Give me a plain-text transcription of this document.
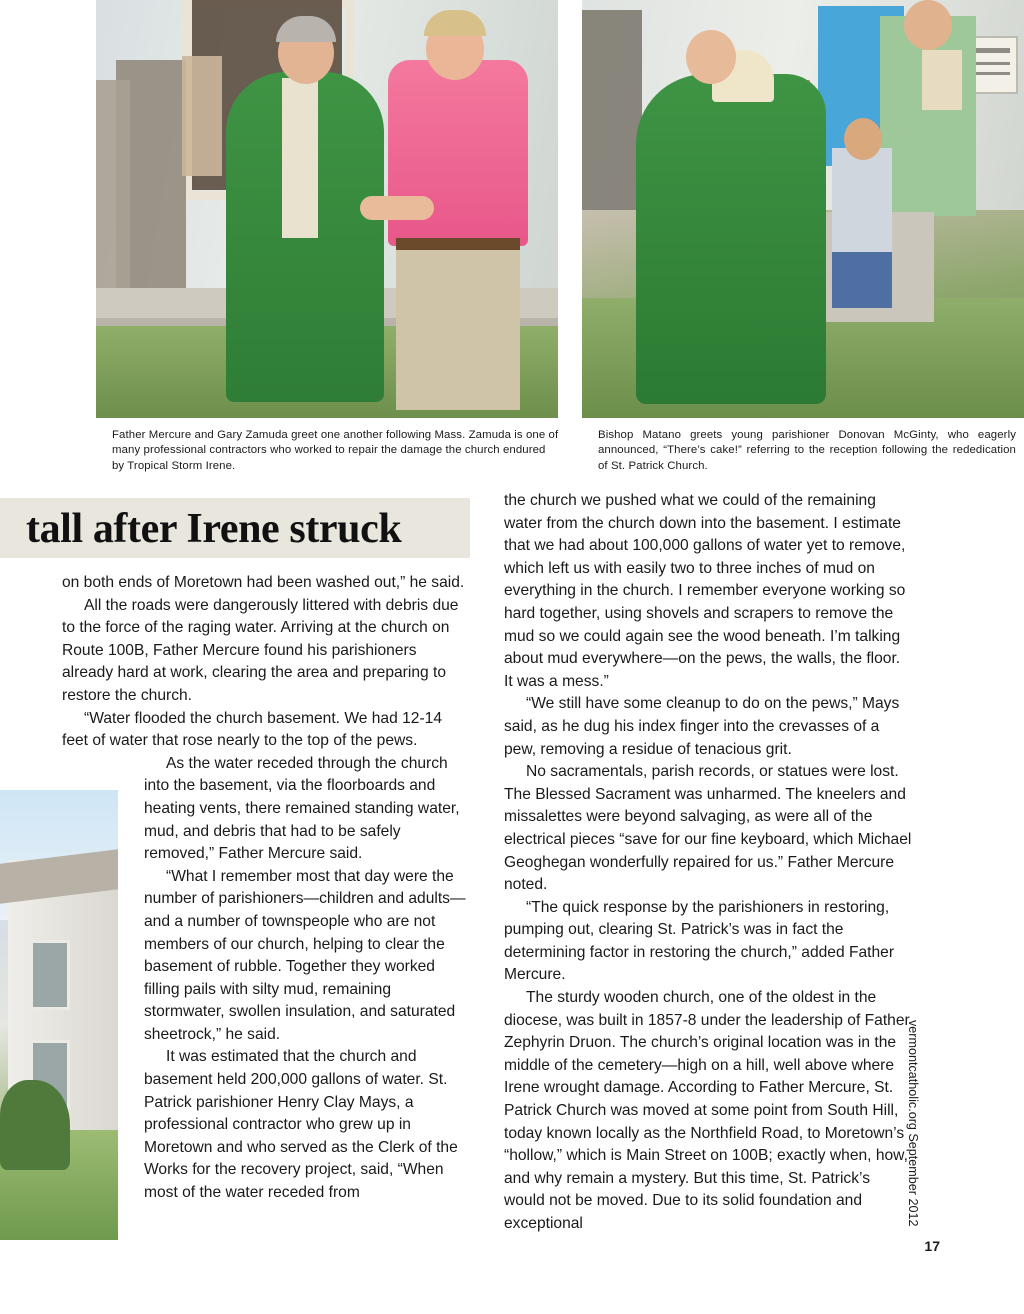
Father Mercure and Gary Zamuda greet one another following Mass. Zamuda is one of many professional contractors who worked to repair the damage the church endured by Tropical Storm Irene.
Bishop Matano greets young parishioner Donovan McGinty, who eagerly announced, “There’s cake!” referring to the reception following the rededication of St. Patrick Church.
tall after Irene struck

on both ends of Moretown had been washed out,” he said.

All the roads were dangerously littered with debris due to the force of the raging water. Arriving at the church on Route 100B, Father Mercure found his parishioners already hard at work, clearing the area and preparing to restore the church.

“Water flooded the church basement. We had 12-14 feet of water that rose nearly to the top of the pews.

As the water receded through the church into the basement, via the floorboards and heating vents, there remained standing water, mud, and debris that had to be safely removed,” Father Mercure said.

“What I remember most that day were the number of parishioners—children and adults—and a number of townspeople who are not members of our church, helping to clear the basement of rubble. Together they worked filling pails with silty mud, remaining stormwater, swollen insulation, and saturated sheetrock,” he said.

It was estimated that the church and basement held 200,000 gallons of water. St. Patrick parishioner Henry Clay Mays, a professional contractor who grew up in Moretown and who served as the Clerk of the Works for the recovery project, said, “When most of the water receded from

the church we pushed what we could of the remaining water from the church down into the basement. I estimate that we had about 100,000 gallons of water yet to remove, which left us with easily two to three inches of mud on everything in the church. I remember everyone working so hard together, using shovels and scrapers to remove the mud so we could again see the wood beneath. I’m talking about mud everywhere—on the pews, the walls, the floor. It was a mess.”

“We still have some cleanup to do on the pews,” Mays said, as he dug his index finger into the crevasses of a pew, removing a residue of tenacious grit.

No sacramentals, parish records, or statues were lost. The Blessed Sacrament was unharmed. The kneelers and missalettes were beyond salvaging, as were all of the electrical pieces “save for our fine keyboard, which Michael Geoghegan wonderfully repaired for us.” Father Mercure noted.

“The quick response by the parishioners in restoring, pumping out, clearing St. Patrick’s was in fact the determining factor in restoring the church,” added Father Mercure.

The sturdy wooden church, one of the oldest in the diocese, was built in 1857-8 under the leadership of Father Zephyrin Druon. The church’s original location was in the middle of the cemetery—high on a hill, well above where Irene wrought damage. According to Father Mercure, St. Patrick Church was moved at some point from South Hill, today known locally as the Northfield Road, to Moretown’s “hollow,” which is Main Street on 100B; exactly when, how, and why remain a mystery. But this time, St. Patrick’s would not be moved. Due to its solid foundation and exceptional	vermontcatholic.org September 2012
17
